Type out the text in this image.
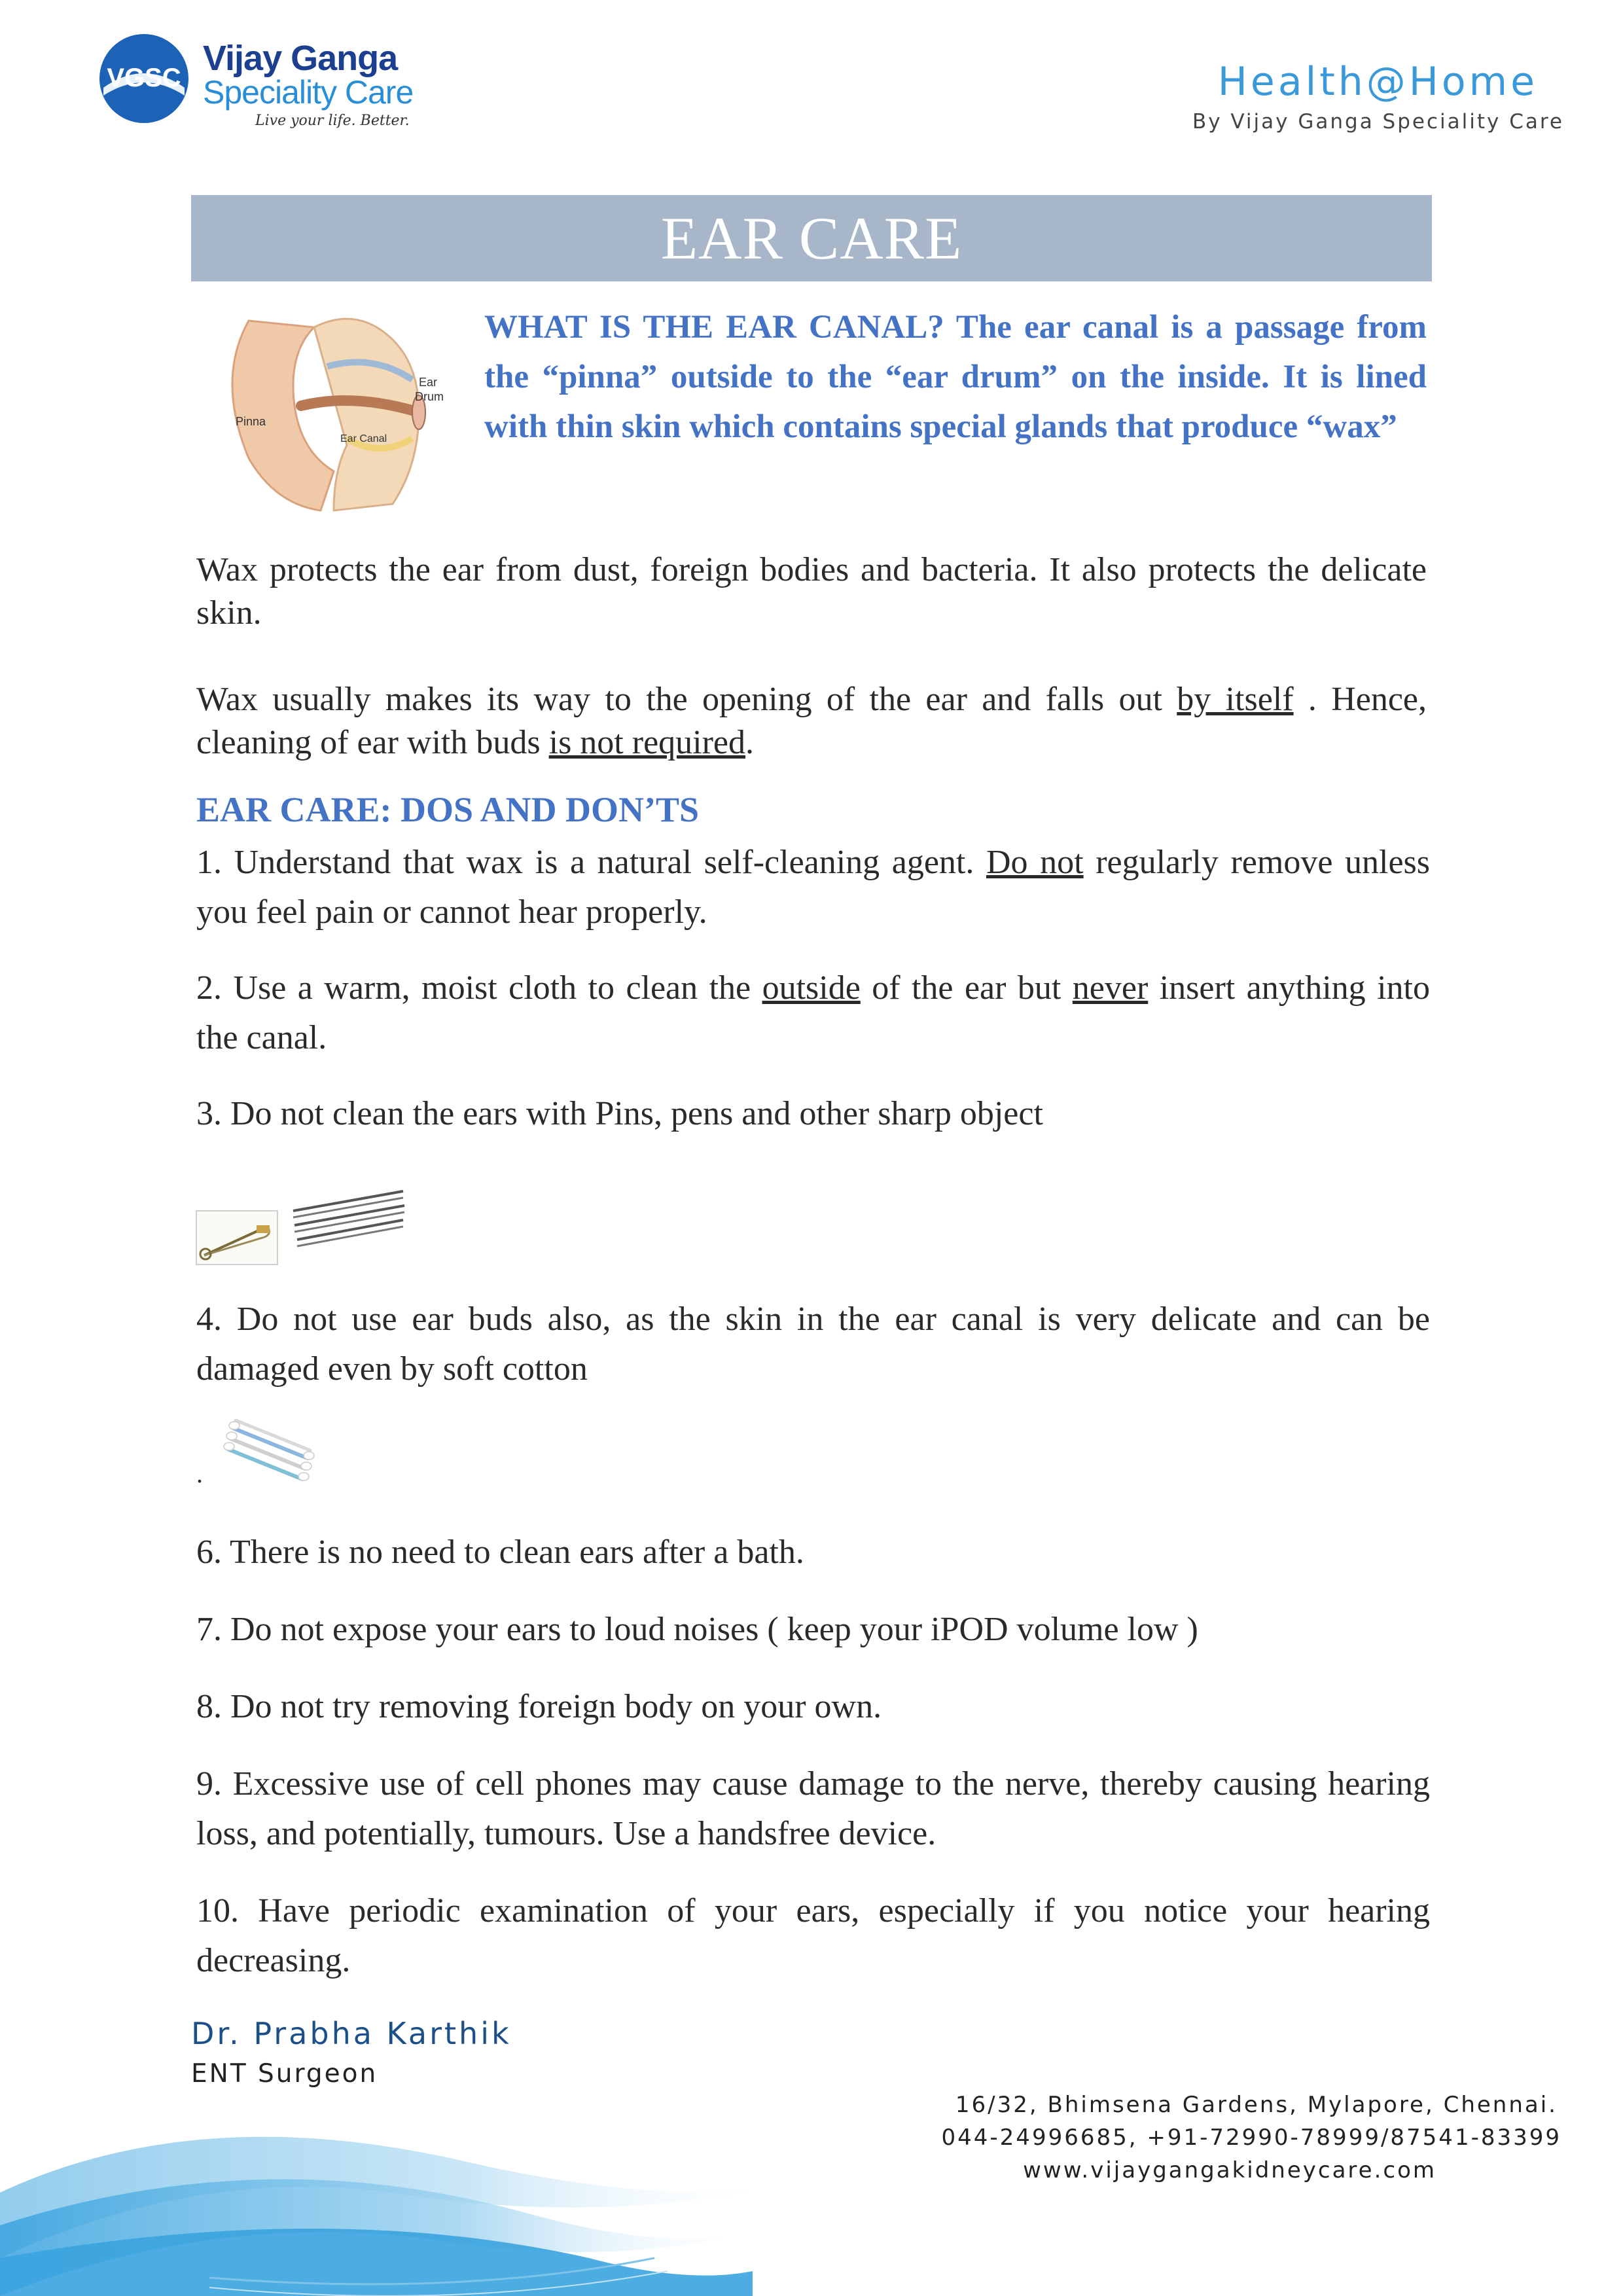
VGSC Vijay Ganga
Speciality Care
Live your life. Better.
Health@Home
By Vijay Ganga Speciality Care
EAR CARE
Pinna
Ear Canal
Ear
Drum
WHAT IS THE EAR CANAL? The ear canal is a passage from the “pinna” outside to the “ear drum” on the inside. It is lined with thin skin which contains special glands that produce “wax”
Wax protects the ear from dust, foreign bodies and bacteria. It also protects the delicate skin.
Wax usually makes its way to the opening of the ear and falls out by itself . Hence, cleaning of ear with buds is not required.
EAR CARE: DOS AND DON’TS
1. Understand that wax is a natural self-cleaning agent. Do not regularly remove unless you feel pain or cannot hear properly.
2. Use a warm, moist cloth to clean the outside of the ear but never insert anything into the canal.
3. Do not clean the ears with Pins, pens and other sharp object
4. Do not use ear buds also, as the skin in the ear canal is very delicate and can be damaged even by soft cotton
.
6. There is no need to clean ears after a bath.
7. Do not expose your ears to loud noises ( keep your iPOD volume low )
8. Do not try removing foreign body on your own.
9. Excessive use of cell phones may cause damage to the nerve, thereby causing hearing loss, and potentially, tumours. Use a handsfree device.
10. Have periodic examination of your ears, especially if you notice your hearing decreasing.
Dr. Prabha Karthik
ENT Surgeon
16/32, Bhimsena Gardens, Mylapore, Chennai.
044-24996685, +91-72990-78999/87541-83399
www.vijaygangakidneycare.com
